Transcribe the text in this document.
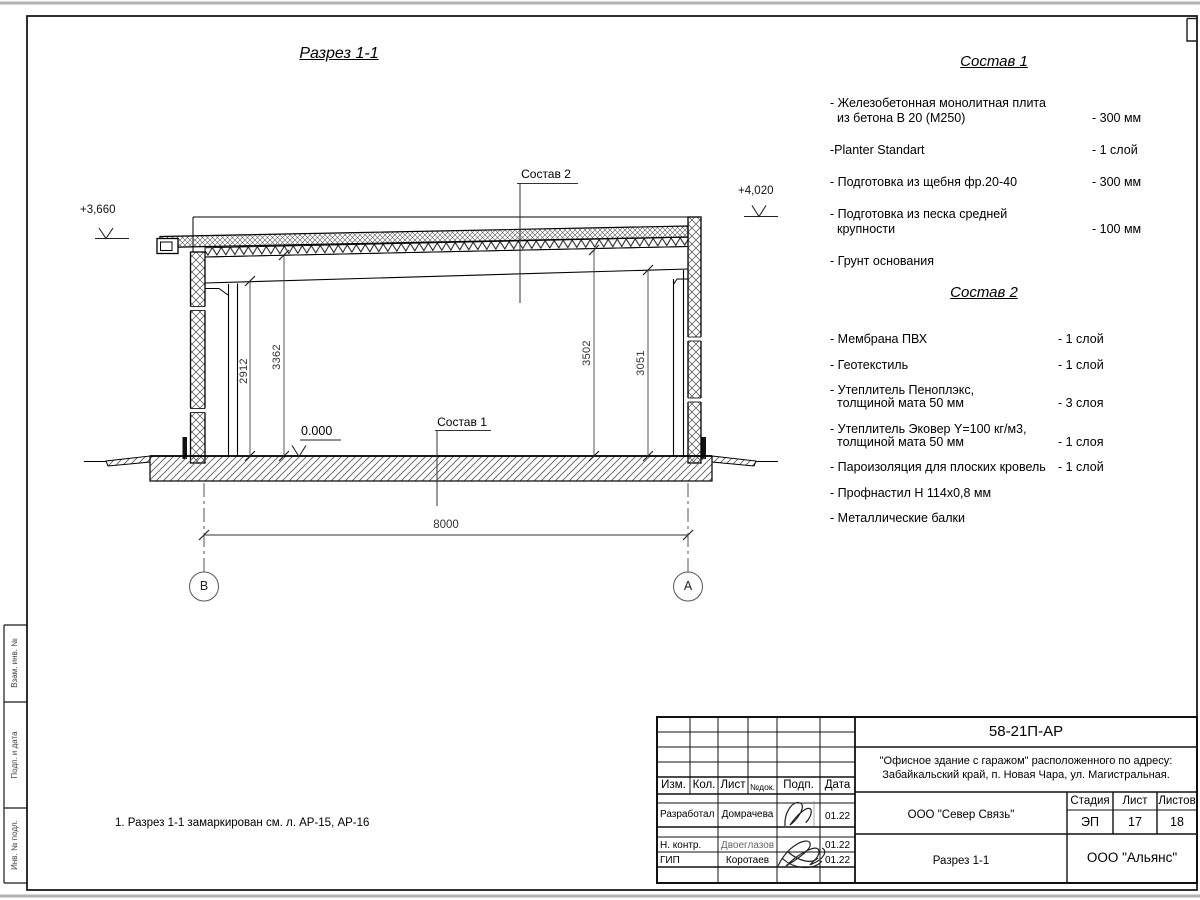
Разрез 1-1	Состав 1
- Железобетонная монолитная плита
из бетона В 20 (М250)	- 300 мм
-Planter Standart	- 1 слой
- Подготовка из щебня фр.20-40	- 300 мм
- Подготовка из песка средней
крупности	- 100 мм
- Грунт основания
Состав 2
- Мембрана ПВХ	- 1 слой
- Геотекстиль	- 1 слой
- Утеплитель Пеноплэкс,
толщиной мата 50 мм	- 3 слоя
- Утеплитель Эковер Y=100 кг/м3,
толщиной мата 50 мм	- 1 слоя
- Пароизоляция для плоских кровель - 1 слой
- Профнастил Н 114х0,8 мм
- Металлические балки
+3,660
+4,020
0.000
Состав 2
Состав 1
2912
3362	3502	3051
8000
В	А
1. Разрез 1-1 замаркирован см. л. АР-15, АР-16
Взам. инв. №
Подп. и дата
Инв. № подл.
58-21П-АР
"Офисное здание с гаражом" расположенного по адресу:
Забайкальский край, п. Новая Чара, ул. Магистральная.
Изм. Кол. Лист №док. Подп. Дата
Разработал Домрачева	01.22
Н. контр. Двоеглазов	01.22
ГИП	Коротаев	01.22
ООО "Север Связь"
Стадия	Лист Листов
ЭП	17	18
Разрез 1-1	ООО "Альянс"
